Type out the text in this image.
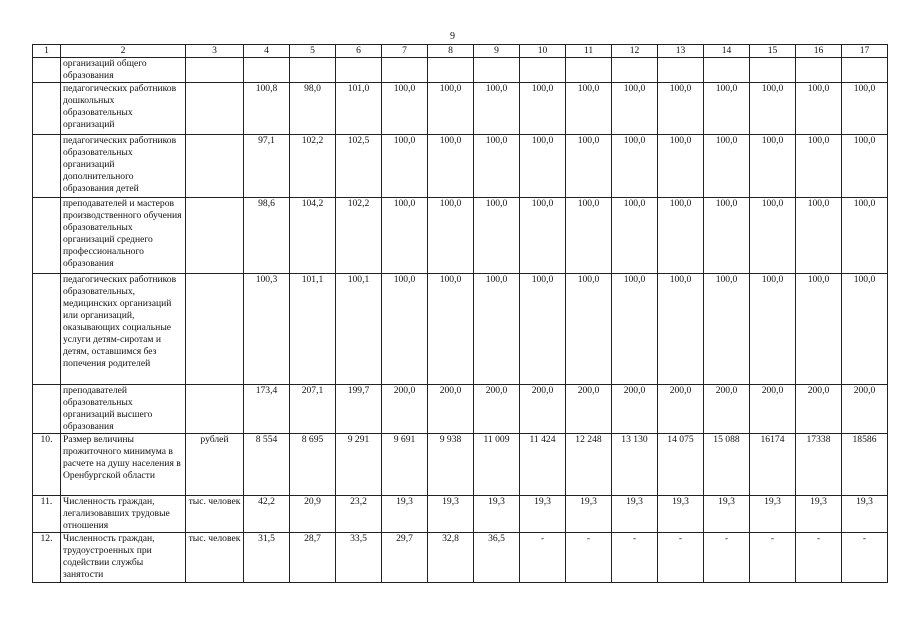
9
1	2	3	4	5	6	7	8	9	10	11	12	13	14	15	16	17
	организаций общего образования															
	педагогических работников дошкольных образовательных организаций		100,8	98,0	101,0	100,0	100,0	100,0	100,0	100,0	100,0	100,0	100,0	100,0	100,0	100,0
	педагогических работников образовательных организаций дополнительного образования детей		97,1	102,2	102,5	100,0	100,0	100,0	100,0	100,0	100,0	100,0	100,0	100,0	100,0	100,0
	преподавателей и мастеров производственного обучения образовательных организаций среднего профессионального образования		98,6	104,2	102,2	100,0	100,0	100,0	100,0	100,0	100,0	100,0	100,0	100,0	100,0	100,0
	педагогических работников образовательных, медицинских организаций или организаций, оказывающих социальные услуги детям-сиротам и детям, оставшимся без попечения родителей		100,3	101,1	100,1	100,0	100,0	100,0	100,0	100,0	100,0	100,0	100,0	100,0	100,0	100,0
	преподавателей образовательных организаций высшего образования		173,4	207,1	199,7	200,0	200,0	200,0	200,0	200,0	200,0	200,0	200,0	200,0	200,0	200,0
10.	Размер величины прожиточного минимума в расчете на душу населения в Оренбургской области	рублей	8 554	8 695	9 291	9 691	9 938	11 009	11 424	12 248	13 130	14 075	15 088	16174	17338	18586
11.	Численность граждан, легализовавших трудовые отношения	тыс. человек	42,2	20,9	23,2	19,3	19,3	19,3	19,3	19,3	19,3	19,3	19,3	19,3	19,3	19,3
12.	Численность граждан, трудоустроенных при содействии службы занятости	тыс. человек	31,5	28,7	33,5	29,7	32,8	36,5	-	-	-	-	-	-	-	-
